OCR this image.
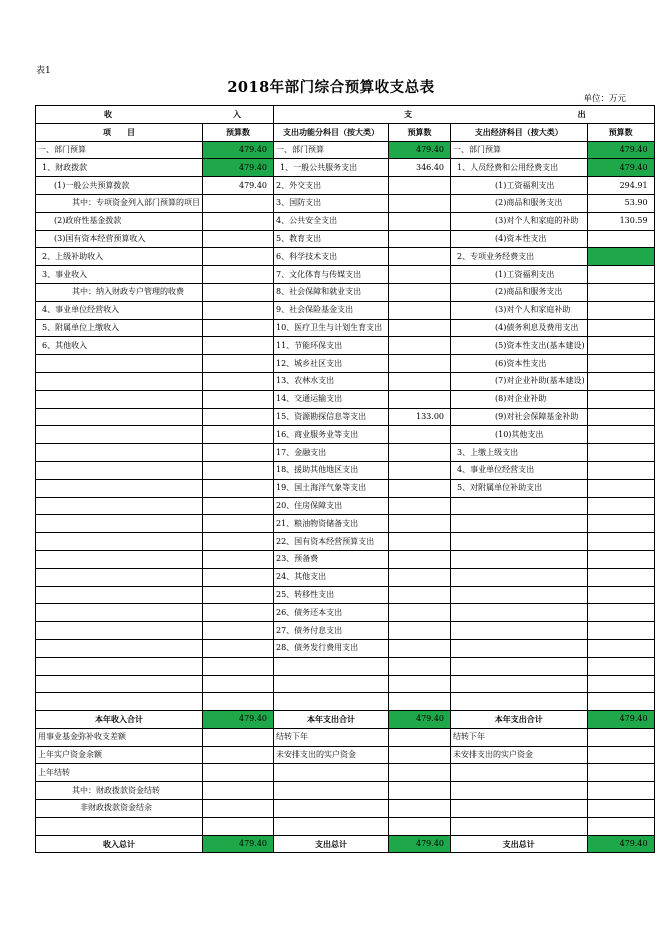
表1
2018年部门综合预算收支总表
单位：万元
收 入		支 出			

项　　目	预算数	支出功能分科目（按大类）	预算数	支出经济科目（按大类）	预算数
一、部门预算	479.40	一、部门预算	479.40	一、部门预算	479.40
1、财政拨款	479.40	1、一般公共服务支出	346.40	1、人员经费和公用经费支出	479.40
(1)一般公共预算拨款	479.40	2、外交支出		(1)工资福利支出	294.91
其中：专项资金列入部门预算的项目		3、国防支出		(2)商品和服务支出	53.90
(2)政府性基金拨款		4、公共安全支出		(3)对个人和家庭的补助	130.59
(3)国有资本经营预算收入		5、教育支出		(4)资本性支出	
2、上级补助收入		6、科学技术支出		2、专项业务经费支出	
3、事业收入		7、文化体育与传媒支出		(1)工资福利支出	
其中：纳入财政专户管理的收费		8、社会保障和就业支出		(2)商品和服务支出	
4、事业单位经营收入		9、社会保险基金支出		(3)对个人和家庭补助	
5、附属单位上缴收入		10、医疗卫生与计划生育支出		(4)债务利息及费用支出	
6、其他收入		11、节能环保支出		(5)资本性支出(基本建设)	
		12、城乡社区支出		(6)资本性支出	
		13、农林水支出		(7)对企业补助(基本建设)	
		14、交通运输支出		(8)对企业补助	
		15、资源勘探信息等支出	133.00	(9)对社会保障基金补助	
		16、商业服务业等支出		(10)其他支出	
		17、金融支出		3、上缴上级支出	
		18、援助其他地区支出		4、事业单位经营支出	
		19、国土海洋气象等支出		5、对附属单位补助支出	
		20、住房保障支出			
		21、粮油物资储备支出			
		22、国有资本经营预算支出			
		23、预备费			
		24、其他支出			
		25、转移性支出			
		26、债务还本支出			
		27、债务付息支出			
		28、债务发行费用支出			

本年收入合计	479.40	本年支出合计	479.40	本年支出合计	479.40
用事业基金弥补收支差额		结转下年		结转下年	
上年实户资金余额		未安排支出的实户资金		未安排支出的实户资金	
上年结转					
其中：财政拨款资金结转					
非财政拨款资金结余					

收入总计	479.40	支出总计	479.40	支出总计	479.40
